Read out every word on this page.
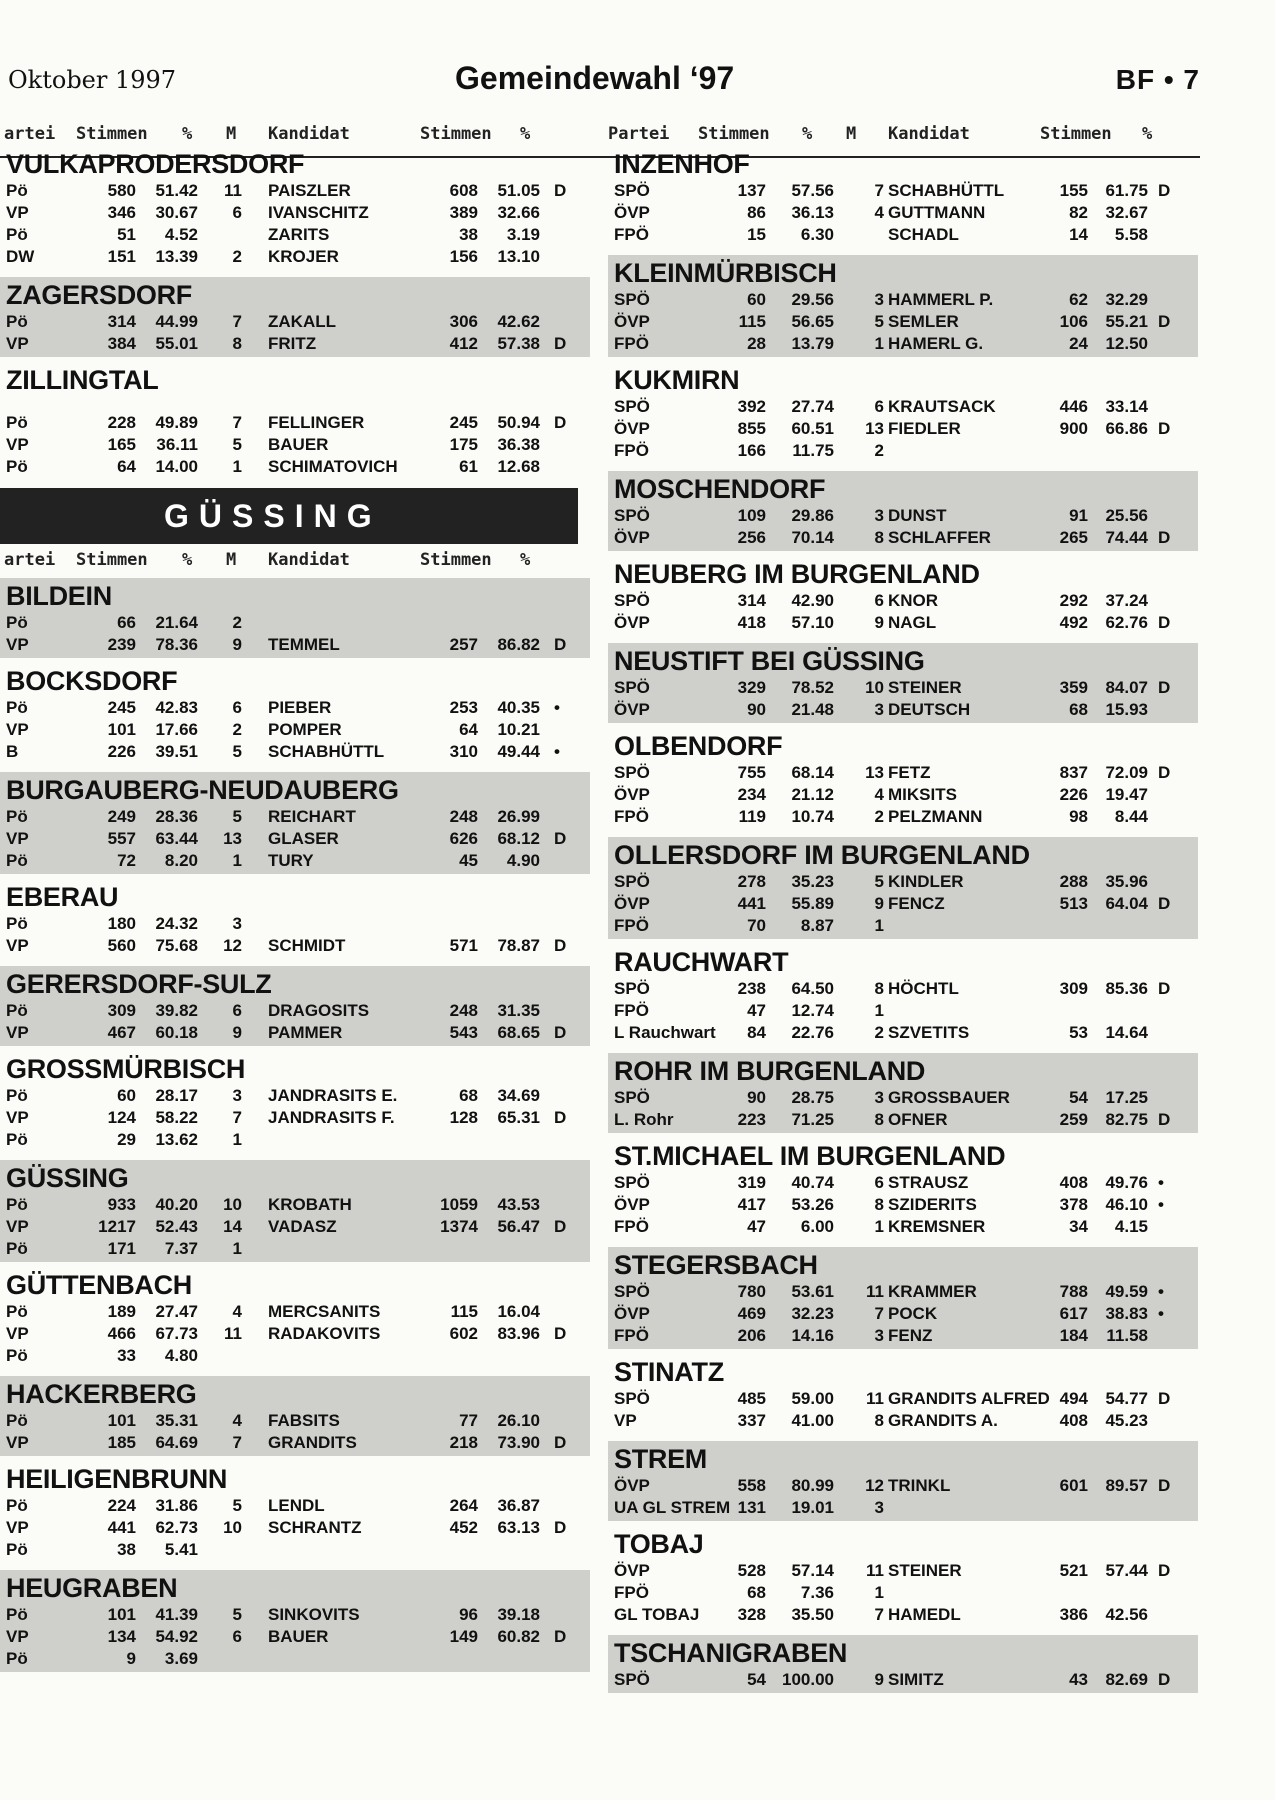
Oktober 1997	Gemeindewahl ‘97	BF • 7
artei Stimmen % M Kandidat	Stimmen %
VULKAPRODERSDORF
Pö	580 51.42 11 PAISZLER	608 51.05 D
VP	346 30.67 6 IVANSCHITZ	389 32.66
Pö	51 4.52	ZARITS	38 3.19
DW	151 13.39 2 KROJER	156 13.10
ZAGERSDORF
Pö	314 44.99 7 ZAKALL	306 42.62
VP	384 55.01 8 FRITZ	412 57.38 D
ZILLINGTAL
Pö	228 49.89 7 FELLINGER	245 50.94 D
VP	165 36.11 5 BAUER	175 36.38
Pö	64 14.00 1 SCHIMATOVICH	61 12.68
GÜSSING
artei Stimmen % M Kandidat	Stimmen %
BILDEIN
Pö	66 21.64 2
VP	239 78.36 9 TEMMEL	257 86.82 D
BOCKSDORF
Pö	245 42.83 6 PIEBER	253 40.35 •
VP	101 17.66 2 POMPER	64 10.21
B	226 39.51 5 SCHABHÜTTL	310 49.44 •
BURGAUBERG-NEUDAUBERG
Pö	249 28.36 5 REICHART	248 26.99
VP	557 63.44 13 GLASER	626 68.12 D
Pö	72 8.20 1 TURY	45 4.90
EBERAU
Pö	180 24.32 3
VP	560 75.68 12 SCHMIDT	571 78.87 D
GERERSDORF-SULZ
Pö	309 39.82 6 DRAGOSITS	248 31.35
VP	467 60.18 9 PAMMER	543 68.65 D
GROSSMÜRBISCH
Pö	60 28.17 3 JANDRASITS E.	68 34.69
VP	124 58.22 7 JANDRASITS F.	128 65.31 D
Pö	29 13.62 1
GÜSSING
Pö	933 40.20 10 KROBATH	1059 43.53
VP	1217 52.43 14 VADASZ	1374 56.47 D
Pö	171 7.37 1
GÜTTENBACH
Pö	189 27.47 4 MERCSANITS	115 16.04
VP	466 67.73 11 RADAKOVITS	602 83.96 D
Pö	33 4.80
HACKERBERG
Pö	101 35.31 4 FABSITS	77 26.10
VP	185 64.69 7 GRANDITS	218 73.90 D
HEILIGENBRUNN
Pö	224 31.86 5 LENDL	264 36.87
VP	441 62.73 10 SCHRANTZ	452 63.13 D
Pö	38 5.41
HEUGRABEN
Pö	101 41.39 5 SINKOVITS	96 39.18
VP	134 54.92 6 BAUER	149 60.82 D
Pö	9 3.69
Partei Stimmen % M Kandidat	Stimmen %
INZENHOF
SPÖ	137 57.56 7 SCHABHÜTTL	155 61.75 D
ÖVP	86 36.13 4 GUTTMANN	82 32.67
FPÖ	15 6.30	SCHADL	14 5.58
KLEINMÜRBISCH
SPÖ	60 29.56 3 HAMMERL P.	62 32.29
ÖVP	115 56.65 5 SEMLER	106 55.21 D
FPÖ	28 13.79 1 HAMERL G.	24 12.50
KUKMIRN
SPÖ	392 27.74 6 KRAUTSACK	446 33.14
ÖVP	855 60.51 13 FIEDLER	900 66.86 D
FPÖ	166 11.75 2
MOSCHENDORF
SPÖ	109 29.86 3 DUNST	91 25.56
ÖVP	256 70.14 8 SCHLAFFER	265 74.44 D
NEUBERG IM BURGENLAND
SPÖ	314 42.90 6 KNOR	292 37.24
ÖVP	418 57.10 9 NAGL	492 62.76 D
NEUSTIFT BEI GÜSSING
SPÖ	329 78.52 10 STEINER	359 84.07 D
ÖVP	90 21.48 3 DEUTSCH	68 15.93
OLBENDORF
SPÖ	755 68.14 13 FETZ	837 72.09 D
ÖVP	234 21.12 4 MIKSITS	226 19.47
FPÖ	119 10.74 2 PELZMANN	98 8.44
OLLERSDORF IM BURGENLAND
SPÖ	278 35.23 5 KINDLER	288 35.96
ÖVP	441 55.89 9 FENCZ	513 64.04 D
FPÖ	70 8.87 1
RAUCHWART
SPÖ	238 64.50 8 HÖCHTL	309 85.36 D
FPÖ	47 12.74 1
L Rauchwart 84 22.76 2 SZVETITS	53 14.64
ROHR IM BURGENLAND
SPÖ	90 28.75 3 GROSSBAUER	54 17.25
L. Rohr	223 71.25 8 OFNER	259 82.75 D
ST.MICHAEL IM BURGENLAND
SPÖ	319 40.74 6 STRAUSZ	408 49.76 •
ÖVP	417 53.26 8 SZIDERITS	378 46.10 •
FPÖ	47 6.00 1 KREMSNER	34 4.15
STEGERSBACH
SPÖ	780 53.61 11 KRAMMER	788 49.59 •
ÖVP	469 32.23 7 POCK	617 38.83 •
FPÖ	206 14.16 3 FENZ	184 11.58
STINATZ
SPÖ	485 59.00 11 GRANDITS ALFRED 494 54.77 D
VP	337 41.00 8 GRANDITS A.	408 45.23
STREM
ÖVP	558 80.99 12 TRINKL	601 89.57 D
UA GL STREM 131 19.01 3
TOBAJ
ÖVP	528 57.14 11 STEINER	521 57.44 D
FPÖ	68 7.36 1
GL TOBAJ 328 35.50 7 HAMEDL	386 42.56
TSCHANIGRABEN
SPÖ	54 100.00 9 SIMITZ	43 82.69 D
